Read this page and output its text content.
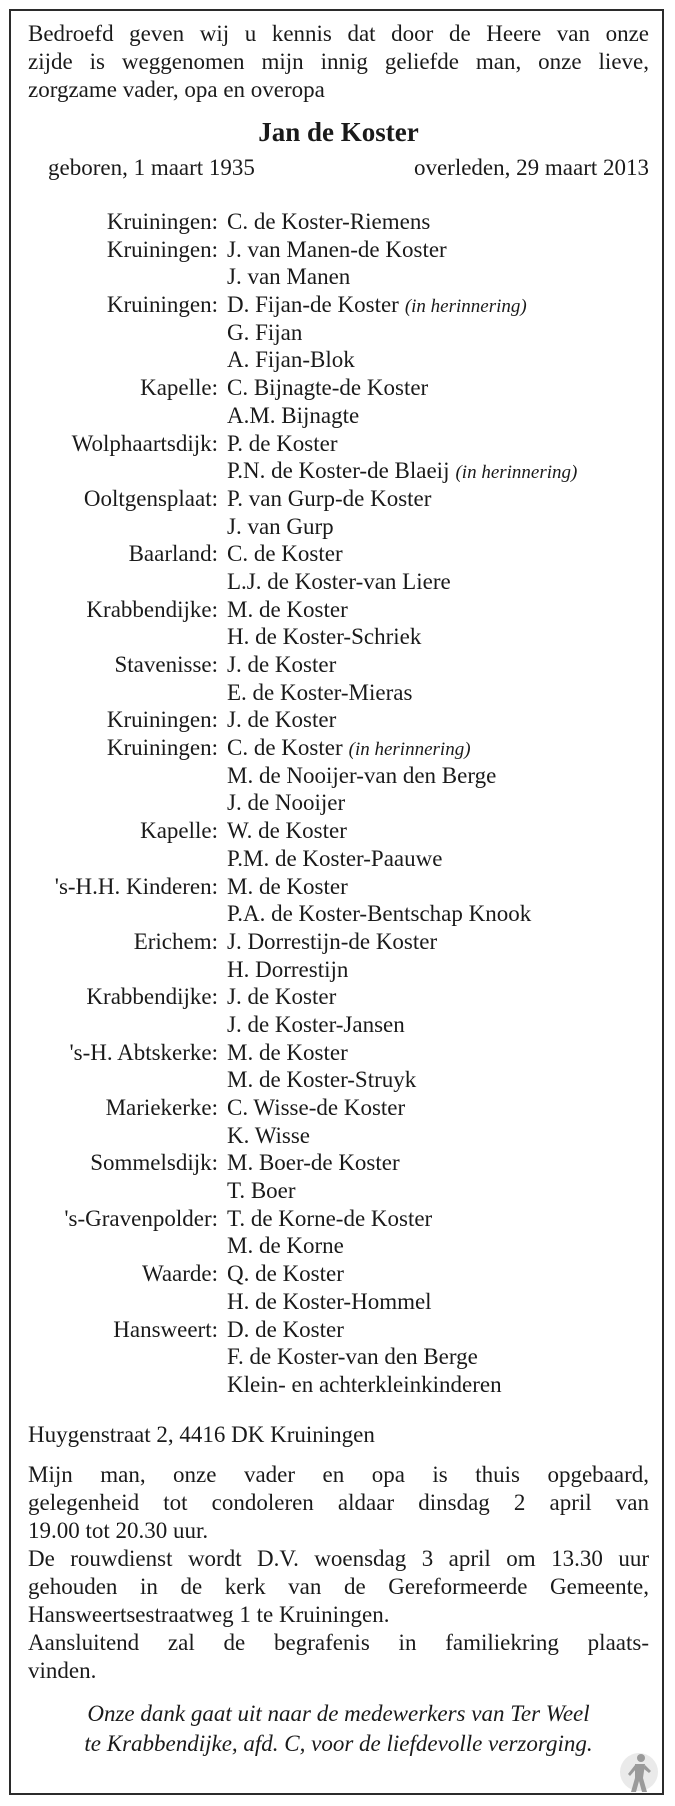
Bedroefd geven wij u kennis dat door de Heere van onze
zijde is weggenomen mijn innig geliefde man, onze lieve,
zorgzame vader, opa en overopa
Jan de Koster
geboren, 1 maart 1935	overleden, 29 maart 2013
Kruiningen: C. de Koster-Riemens
Kruiningen: J. van Manen-de Koster
J. van Manen
Kruiningen: D. Fijan-de Koster (in herinnering)
G. Fijan
A. Fijan-Blok
Kapelle: C. Bijnagte-de Koster
A.M. Bijnagte
Wolphaartsdijk: P. de Koster
P.N. de Koster-de Blaeij (in herinnering)
Ooltgensplaat: P. van Gurp-de Koster
J. van Gurp
Baarland: C. de Koster
L.J. de Koster-van Liere
Krabbendijke: M. de Koster
H. de Koster-Schriek
Stavenisse: J. de Koster
E. de Koster-Mieras
Kruiningen: J. de Koster
Kruiningen: C. de Koster (in herinnering)
M. de Nooijer-van den Berge
J. de Nooijer
Kapelle: W. de Koster
P.M. de Koster-Paauwe
's-H.H. Kinderen: M. de Koster
P.A. de Koster-Bentschap Knook
Erichem: J. Dorrestijn-de Koster
H. Dorrestijn
Krabbendijke: J. de Koster
J. de Koster-Jansen
's-H. Abtskerke: M. de Koster
M. de Koster-Struyk
Mariekerke: C. Wisse-de Koster
K. Wisse
Sommelsdijk: M. Boer-de Koster
T. Boer
's-Gravenpolder: T. de Korne-de Koster
M. de Korne
Waarde: Q. de Koster
H. de Koster-Hommel
Hansweert: D. de Koster
F. de Koster-van den Berge
Klein- en achterkleinkinderen
Huygenstraat 2, 4416 DK Kruiningen
Mijn man, onze vader en opa is thuis opgebaard,
gelegenheid tot condoleren aldaar dinsdag 2 april van
19.00 tot 20.30 uur.
De rouwdienst wordt D.V. woensdag 3 april om 13.30 uur
gehouden in de kerk van de Gereformeerde Gemeente,
Hansweertsestraatweg 1 te Kruiningen.
Aansluitend zal de begrafenis in familiekring plaats-
vinden.
Onze dank gaat uit naar de medewerkers van Ter Weel
te Krabbendijke, afd. C, voor de liefdevolle verzorging.
